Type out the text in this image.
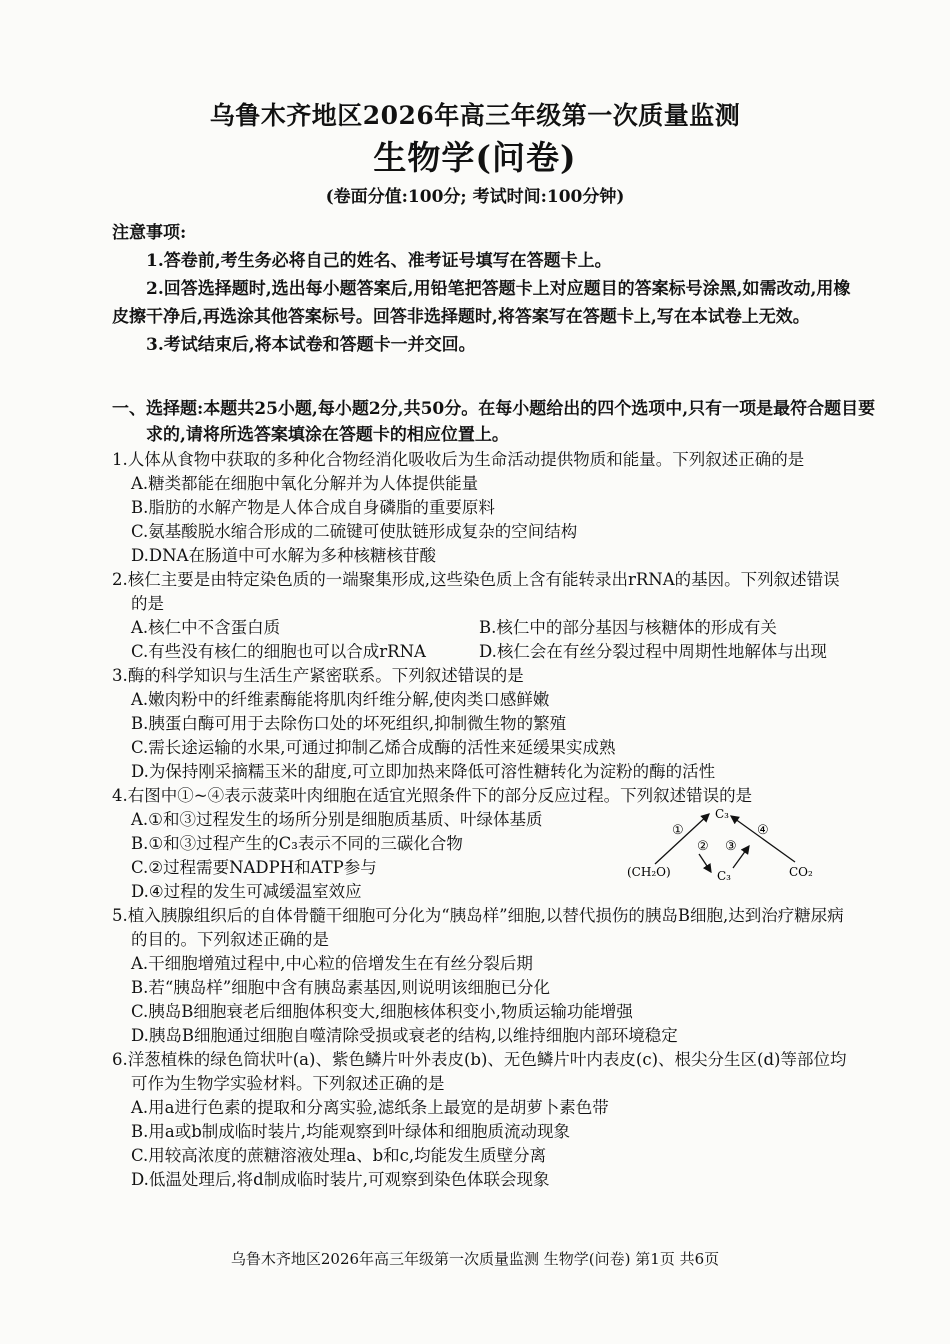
乌鲁木齐地区2026年高三年级第一次质量监测
生物学(问卷)
(卷面分值:100分; 考试时间:100分钟)
注意事项:
1.答卷前,考生务必将自己的姓名、准考证号填写在答题卡上。
2.回答选择题时,选出每小题答案后,用铅笔把答题卡上对应题目的答案标号涂黑,如需改动,用橡皮擦干净后,再选涂其他答案标号。回答非选择题时,将答案写在答题卡上,写在本试卷上无效。
3.考试结束后,将本试卷和答题卡一并交回。
一、选择题:本题共25小题,每小题2分,共50分。在每小题给出的四个选项中,只有一项是最符合题目要求的,请将所选答案填涂在答题卡的相应位置上。
1.人体从食物中获取的多种化合物经消化吸收后为生命活动提供物质和能量。下列叙述正确的是
A.糖类都能在细胞中氧化分解并为人体提供能量
B.脂肪的水解产物是人体合成自身磷脂的重要原料
C.氨基酸脱水缩合形成的二硫键可使肽链形成复杂的空间结构
D.DNA在肠道中可水解为多种核糖核苷酸
2.核仁主要是由特定染色质的一端聚集形成,这些染色质上含有能转录出rRNA的基因。下列叙述错误的是
A.核仁中不含蛋白质	B.核仁中的部分基因与核糖体的形成有关
C.有些没有核仁的细胞也可以合成rRNA	D.核仁会在有丝分裂过程中周期性地解体与出现
3.酶的科学知识与生活生产紧密联系。下列叙述错误的是
A.嫩肉粉中的纤维素酶能将肌肉纤维分解,使肉类口感鲜嫩
B.胰蛋白酶可用于去除伤口处的坏死组织,抑制微生物的繁殖
C.需长途运输的水果,可通过抑制乙烯合成酶的活性来延缓果实成熟
D.为保持刚采摘糯玉米的甜度,可立即加热来降低可溶性糖转化为淀粉的酶的活性
4.右图中①~④表示菠菜叶肉细胞在适宜光照条件下的部分反应过程。下列叙述错误的是
A.①和③过程发生的场所分别是细胞质基质、叶绿体基质
B.①和③过程产生的C₃表示不同的三碳化合物
C.②过程需要NADPH和ATP参与
D.④过程的发生可减缓温室效应
C₃
(CH₂O)	C₃	CO₂
①
② ③
④
5.植入胰腺组织后的自体骨髓干细胞可分化为“胰岛样”细胞,以替代损伤的胰岛B细胞,达到治疗糖尿病的目的。下列叙述正确的是
A.干细胞增殖过程中,中心粒的倍增发生在有丝分裂后期
B.若“胰岛样”细胞中含有胰岛素基因,则说明该细胞已分化
C.胰岛B细胞衰老后细胞体积变大,细胞核体积变小,物质运输功能增强
D.胰岛B细胞通过细胞自噬清除受损或衰老的结构,以维持细胞内部环境稳定
6.洋葱植株的绿色筒状叶(a)、紫色鳞片叶外表皮(b)、无色鳞片叶内表皮(c)、根尖分生区(d)等部位均可作为生物学实验材料。下列叙述正确的是
A.用a进行色素的提取和分离实验,滤纸条上最宽的是胡萝卜素色带
B.用a或b制成临时装片,均能观察到叶绿体和细胞质流动现象
C.用较高浓度的蔗糖溶液处理a、b和c,均能发生质壁分离
D.低温处理后,将d制成临时装片,可观察到染色体联会现象
乌鲁木齐地区2026年高三年级第一次质量监测 生物学(问卷) 第1页 共6页
